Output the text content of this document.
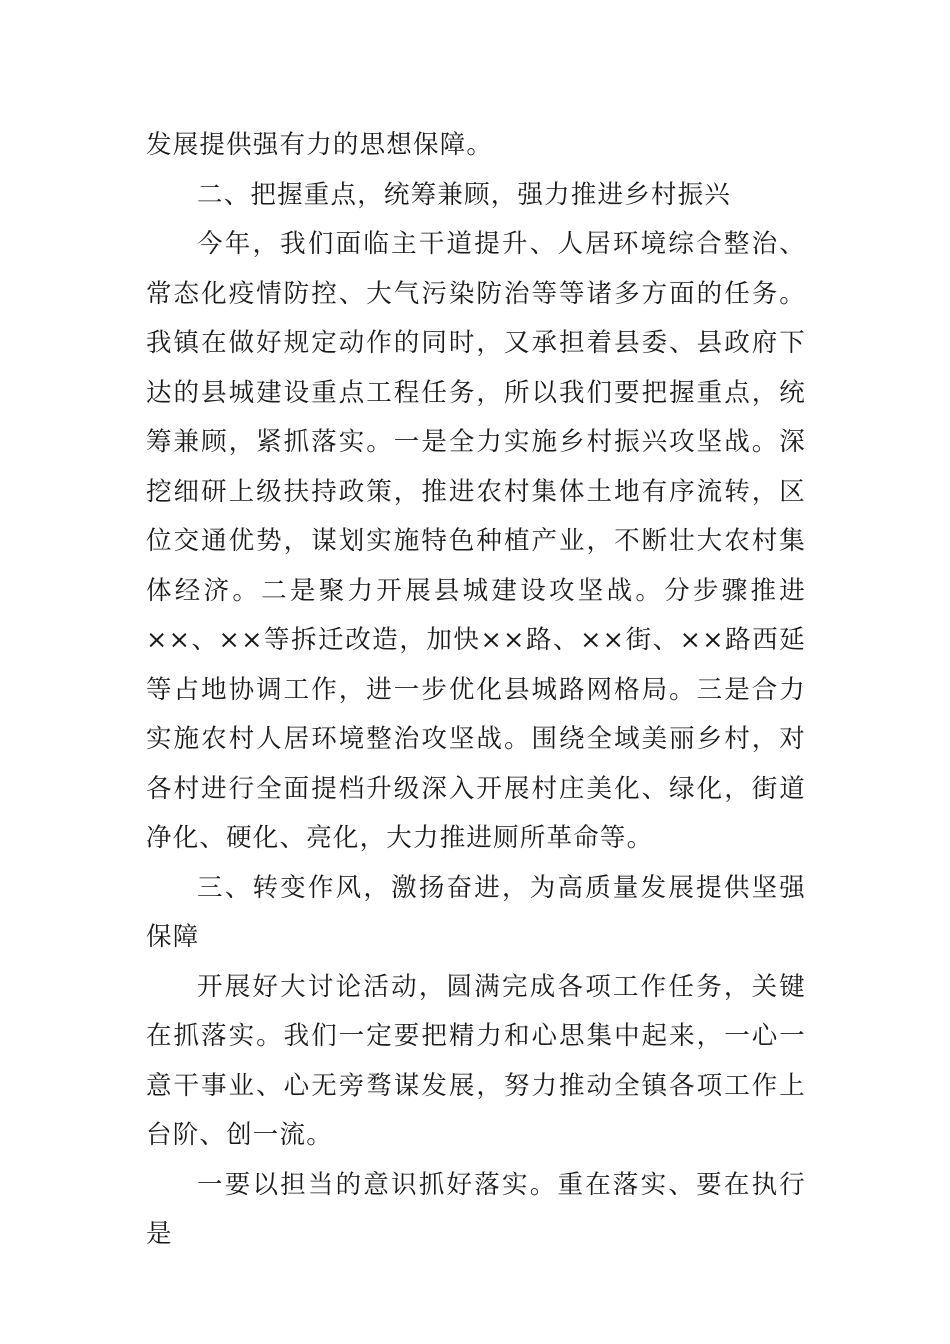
发展提供强有力的思想保障。

二、把握重点，统筹兼顾，强力推进乡村振兴

今年，我们面临主干道提升、人居环境综合整治、常态化疫情防控、大气污染防治等等诸多方面的任务。我镇在做好规定动作的同时，又承担着县委、县政府下达的县城建设重点工程任务，所以我们要把握重点，统筹兼顾，紧抓落实。一是全力实施乡村振兴攻坚战。深挖细研上级扶持政策，推进农村集体土地有序流转，区位交通优势，谋划实施特色种植产业，不断壮大农村集体经济。二是聚力开展县城建设攻坚战。分步骤推进××、××等拆迁改造，加快××路、××街、××路西延等占地协调工作，进一步优化县城路网格局。三是合力实施农村人居环境整治攻坚战。围绕全域美丽乡村，对各村进行全面提档升级深入开展村庄美化、绿化，街道净化、硬化、亮化，大力推进厕所革命等。

三、转变作风，激扬奋进，为高质量发展提供坚强保障

开展好大讨论活动，圆满完成各项工作任务，关键在抓落实。我们一定要把精力和心思集中起来，一心一意干事业、心无旁骛谋发展，努力推动全镇各项工作上台阶、创一流。

一要以担当的意识抓好落实。重在落实、要在执行是
